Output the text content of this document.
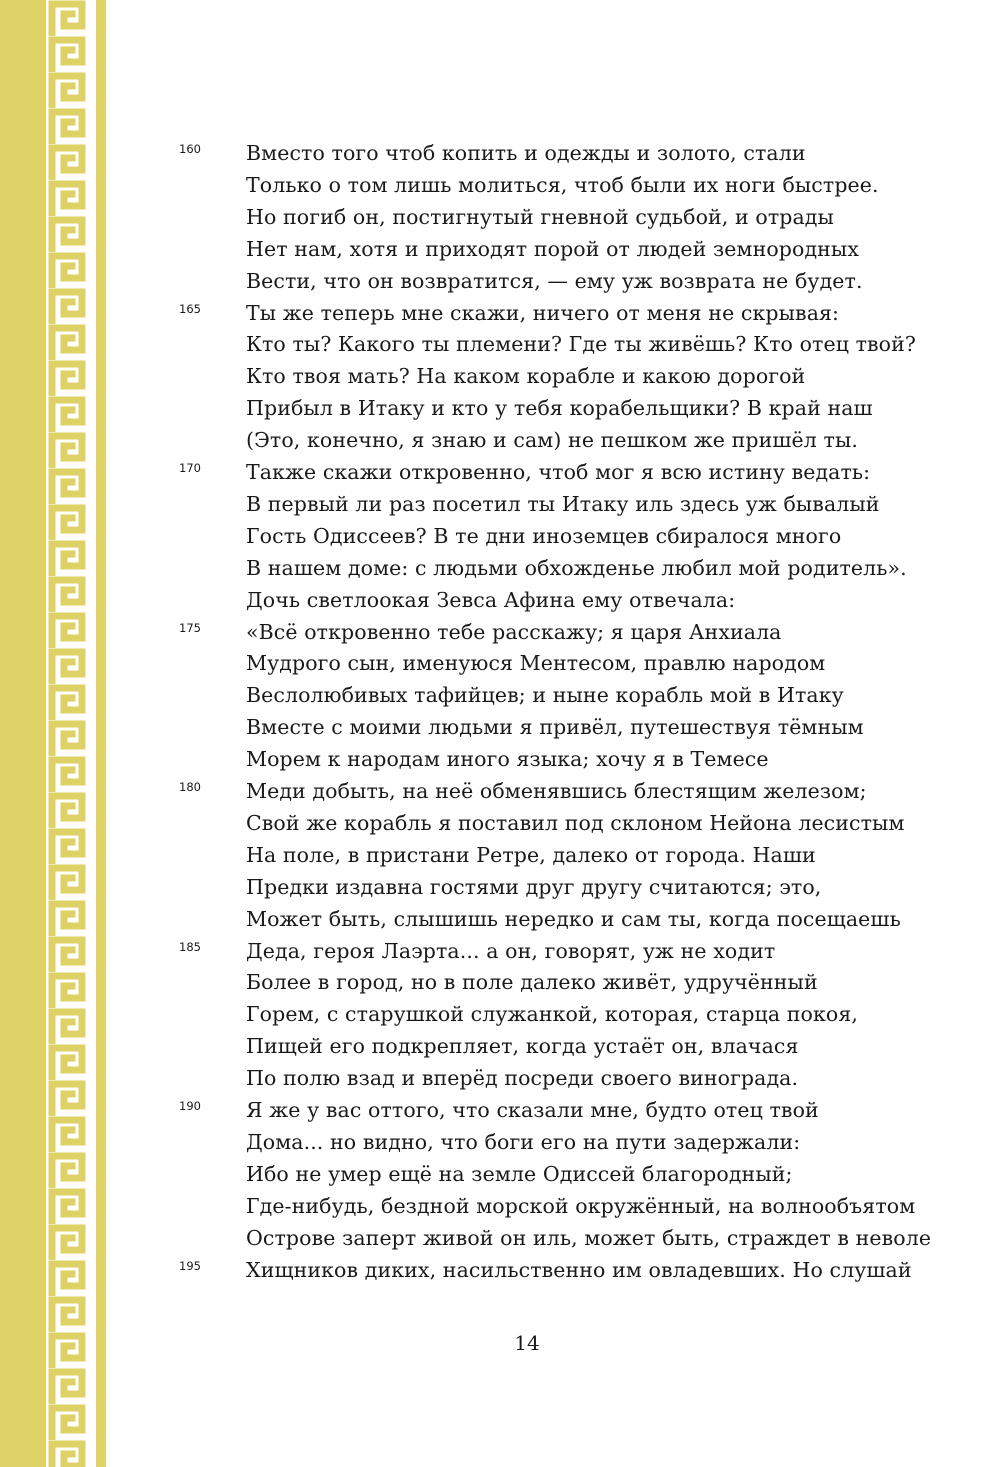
Вместо того чтоб копить и одежды и золото, стали
160
Только о том лишь молиться, чтоб были их ноги быстрее.
Но погиб он, постигнутый гневной судьбой, и отрады
Нет нам, хотя и приходят порой от людей земнородных
Вести, что он возвратится, — ему уж возврата не будет.
Ты же теперь мне скажи, ничего от меня не скрывая:
165
Кто ты? Какого ты племени? Где ты живёшь? Кто отец твой?
Кто твоя мать? На каком корабле и какою дорогой
Прибыл в Итаку и кто у тебя корабельщики? В край наш
(Это, конечно, я знаю и сам) не пешком же пришёл ты.
Также скажи откровенно, чтоб мог я всю истину ведать:
170
В первый ли раз посетил ты Итаку иль здесь уж бывалый
Гость Одиссеев? В те дни иноземцев сбиралося много
В нашем доме: с людьми обхожденье любил мой родитель».
Дочь светлоокая Зевса Афина ему отвечала:
«Всё откровенно тебе расскажу; я царя Анхиала
175
Мудрого сын, именуюся Ментесом, правлю народом
Веслолюбивых тафийцев; и ныне корабль мой в Итаку
Вместе с моими людьми я привёл, путешествуя тёмным
Морем к народам иного языка; хочу я в Темесе
Меди добыть, на неё обменявшись блестящим железом;
180
Свой же корабль я поставил под склоном Нейона лесистым
На поле, в пристани Ретре, далеко от города. Наши
Предки издавна гостями друг другу считаются; это,
Может быть, слышишь нередко и сам ты, когда посещаешь
Деда, героя Лаэрта... а он, говорят, уж не ходит
185
Более в город, но в поле далеко живёт, удручённый
Горем, с старушкой служанкой, которая, старца покоя,
Пищей его подкрепляет, когда устаёт он, влачася
По полю взад и вперёд посреди своего винограда.
Я же у вас оттого, что сказали мне, будто отец твой
190
Дома... но видно, что боги его на пути задержали:
Ибо не умер ещё на земле Одиссей благородный;
Где-нибудь, бездной морской окружённый, на волнообъятом
Острове заперт живой он иль, может быть, страждет в неволе
Хищников диких, насильственно им овладевших. Но слушай
195
14
